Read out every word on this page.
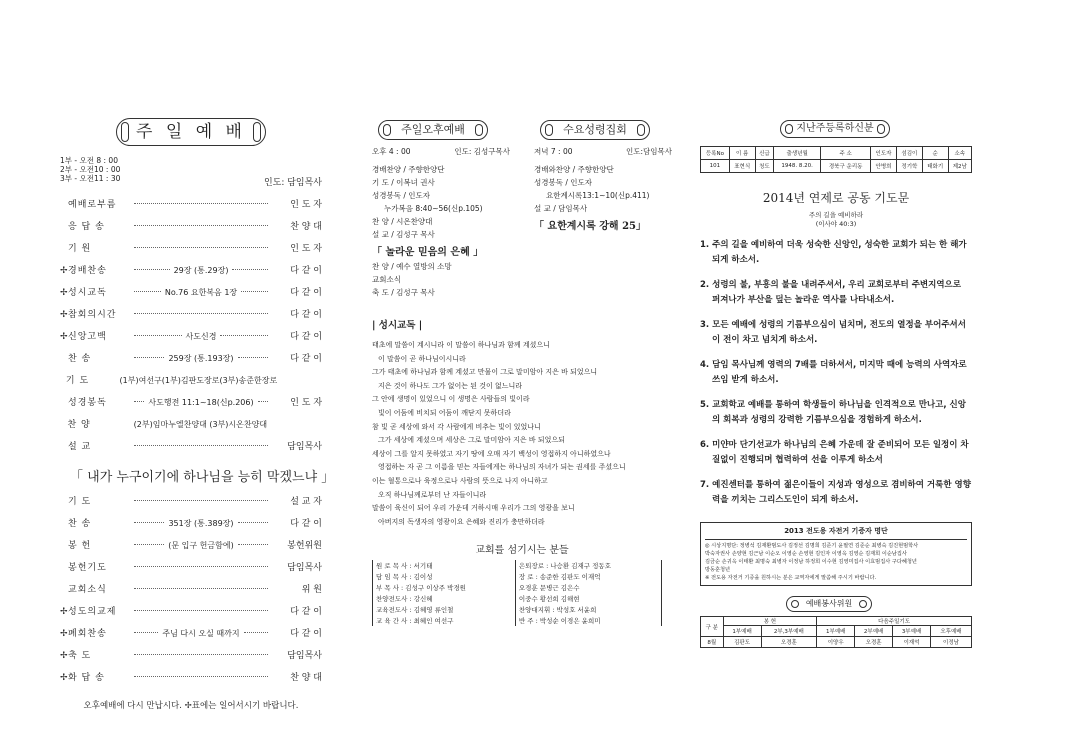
주 일 예 배
1부 - 오전 8 : 00
2부 - 오전10 : 00
3부 - 오전11 : 30	인도: 담임목사
예배로부름	인 도 자
응 답 송	찬 양 대
기 원	인 도 자
✢ 경배찬송	29장 (통.29장)	다 같 이
✢ 성시교독	No.76 요한복음 1장	다 같 이
✢ 참회의시간	다 같 이
✢ 신앙고백	사도신경	다 같 이
찬 송	259장 (통.193장)	다 같 이
기 도	(1부)여선구(1부)김판도장로(3부)송준한장로
성경봉독	사도행전 11:1~18(신p.206)	인 도 자
찬 양	(2부)임마누엘찬양대 (3부)시온찬양대
설 교	담임목사
「 내가 누구이기에 하나님을 능히 막겠느냐 」
기 도	설 교 자
찬 송	351장 (통.389장)	다 같 이
봉 헌	(문 입구 헌금함에)	봉헌위원
봉헌기도	담임목사
교회소식	위 원
✢ 성도의교제	다 같 이
✢ 폐회찬송	주님 다시 오실 때까지	다 같 이
✢ 축 도	담임목사
✢ 화 답 송	찬 양 대
오후예배에 다시 만납시다. ✢표에는 일어서시기 바랍니다.
주일오후예배
오후 4 : 00	인도: 김성구목사
경배찬양 / 주향한양단
기 도 / 이복녀 권사
성경봉독 / 인도자
누가복음 8:40~56(신p.105)
찬 양 / 시온찬양대
설 교 / 김성구 목사
「 놀라운 믿음의 은혜 」
찬 양 / 예수 열방의 소망
교회소식
축 도 / 김성구 목사
수요성령집회
저녁 7 : 00	인도:담임목사
경배와찬양 / 주향한양단
성경봉독 / 인도자
요한계시록13:1~10(신p.411)
설 교 / 담임목사
「 요한계시록 강해 25」
| 성시교독 |
태초에 말씀이 계시니라 이 말씀이 하나님과 함께 계셨으니
이 말씀이 곧 하나님이시니라
그가 태초에 하나님과 함께 계셨고 만물이 그로 말미암아 지은 바 되었으니
지은 것이 하나도 그가 없이는 된 것이 없느니라
그 안에 생명이 있었으니 이 생명은 사람들의 빛이라
빛이 어둠에 비치되 어둠이 깨닫지 못하더라
참 빛 곧 세상에 와서 각 사람에게 비추는 빛이 있었나니
그가 세상에 계셨으며 세상은 그로 말미암아 지은 바 되었으되
세상이 그를 알지 못하였고 자기 땅에 오매 자기 백성이 영접하지 아니하였으나
영접하는 자 곧 그 이름을 믿는 자들에게는 하나님의 자녀가 되는 권세를 주셨으니
이는 혈통으로나 육정으로나 사람의 뜻으로 나지 아니하고
오직 하나님께로부터 난 자들이니라
말씀이 육신이 되어 우리 가운데 거하시매 우리가 그의 영광을 보니
아버지의 독생자의 영광이요 은혜와 진리가 충만하더라
교회를 섬기시는 분들
원 로 목 사 : 서기태	은퇴장로 : 나승환 김재구 정동호
담 임 목 사 : 김이성	장 로 : 송준한 김판도 이재억
부 목 사 : 김성구 이상주 박경원	오경훈 문병근 김은수
찬양전도사 : 강신혜	이중수 황선희 김해현
교육전도사 : 김혜영 류인철	찬양대지휘 : 박성호 서윤희
교 육 간 사 : 최혜인 여선구	반 주 : 박성순 이경은 윤희미
지난주등록하신분
등록No	이 름	신급	출생년월	주 소	인도자	섬김이	순	소속
101	표현식	청도	1948. 8.20.	경북구 운리동	안병희	정기학	태화기	제2남
2014년 연제로 공동 기도문
주의 길을 예비하라
(이사야 40:3)
1. 주의 길을 예비하여 더욱 성숙한 신앙인, 성숙한 교회가 되는 한 해가 되게 하소서.
2. 성령의 불, 부흥의 불을 내려주셔서, 우리 교회로부터 주변지역으로 퍼져나가 부산을 덮는 놀라운 역사를 나타내소서.
3. 모든 예배에 성령의 기름부으심이 넘치며, 전도의 열정을 부어주셔서 이 전이 차고 넘치게 하소서.
4. 담임 목사님께 영력의 7배를 더하셔서, 미지막 때에 능력의 사역자로 쓰임 받게 하소서.
5. 교회학교 예배를 통하여 학생들이 하나님을 인격적으로 만나고, 신앙의 회복과 성령의 강력한 기름부으심을 경험하게 하소서.
6. 미얀마 단기선교가 하나님의 은혜 가운데 잘 준비되어 모든 일정이 차질없이 진행되며 협력하여 선을 이루게 하소서
7. 예진센터를 통하여 젊은이들이 지성과 영성으로 겸비하여 거룩한 영향력을 끼치는 그리스도인이 되게 하소서.
2013 전도용 자전거 기증자 명단
◎ 시상지명단: 정병석 김재환범도사 김정선 김명희 김준기 윤필연 김준순 최병숙 김진현범학사
박숙자권사 손양현 김근남 이순오 이영순 손영현 김인자 이영옥 김영순 김재희 이순남집사
김금순 손귀옥 이태환 최명숙 최병자 이정남 하정희 이수현 김영미집사 이효범집사 구다혜청년
방동훈청년
※ 전도용 자전거 기증을 원하시는 분은 교역자에게 말씀해 주시기 바랍니다.
예배봉사위원
구 분	봉 헌		다음주일기도			
	1부예배	2부,3부예배	1부예배	2부예배	3부예배	오후예배
8월	김판도	오경훈	이양우	오경훈	이재억	이정남
